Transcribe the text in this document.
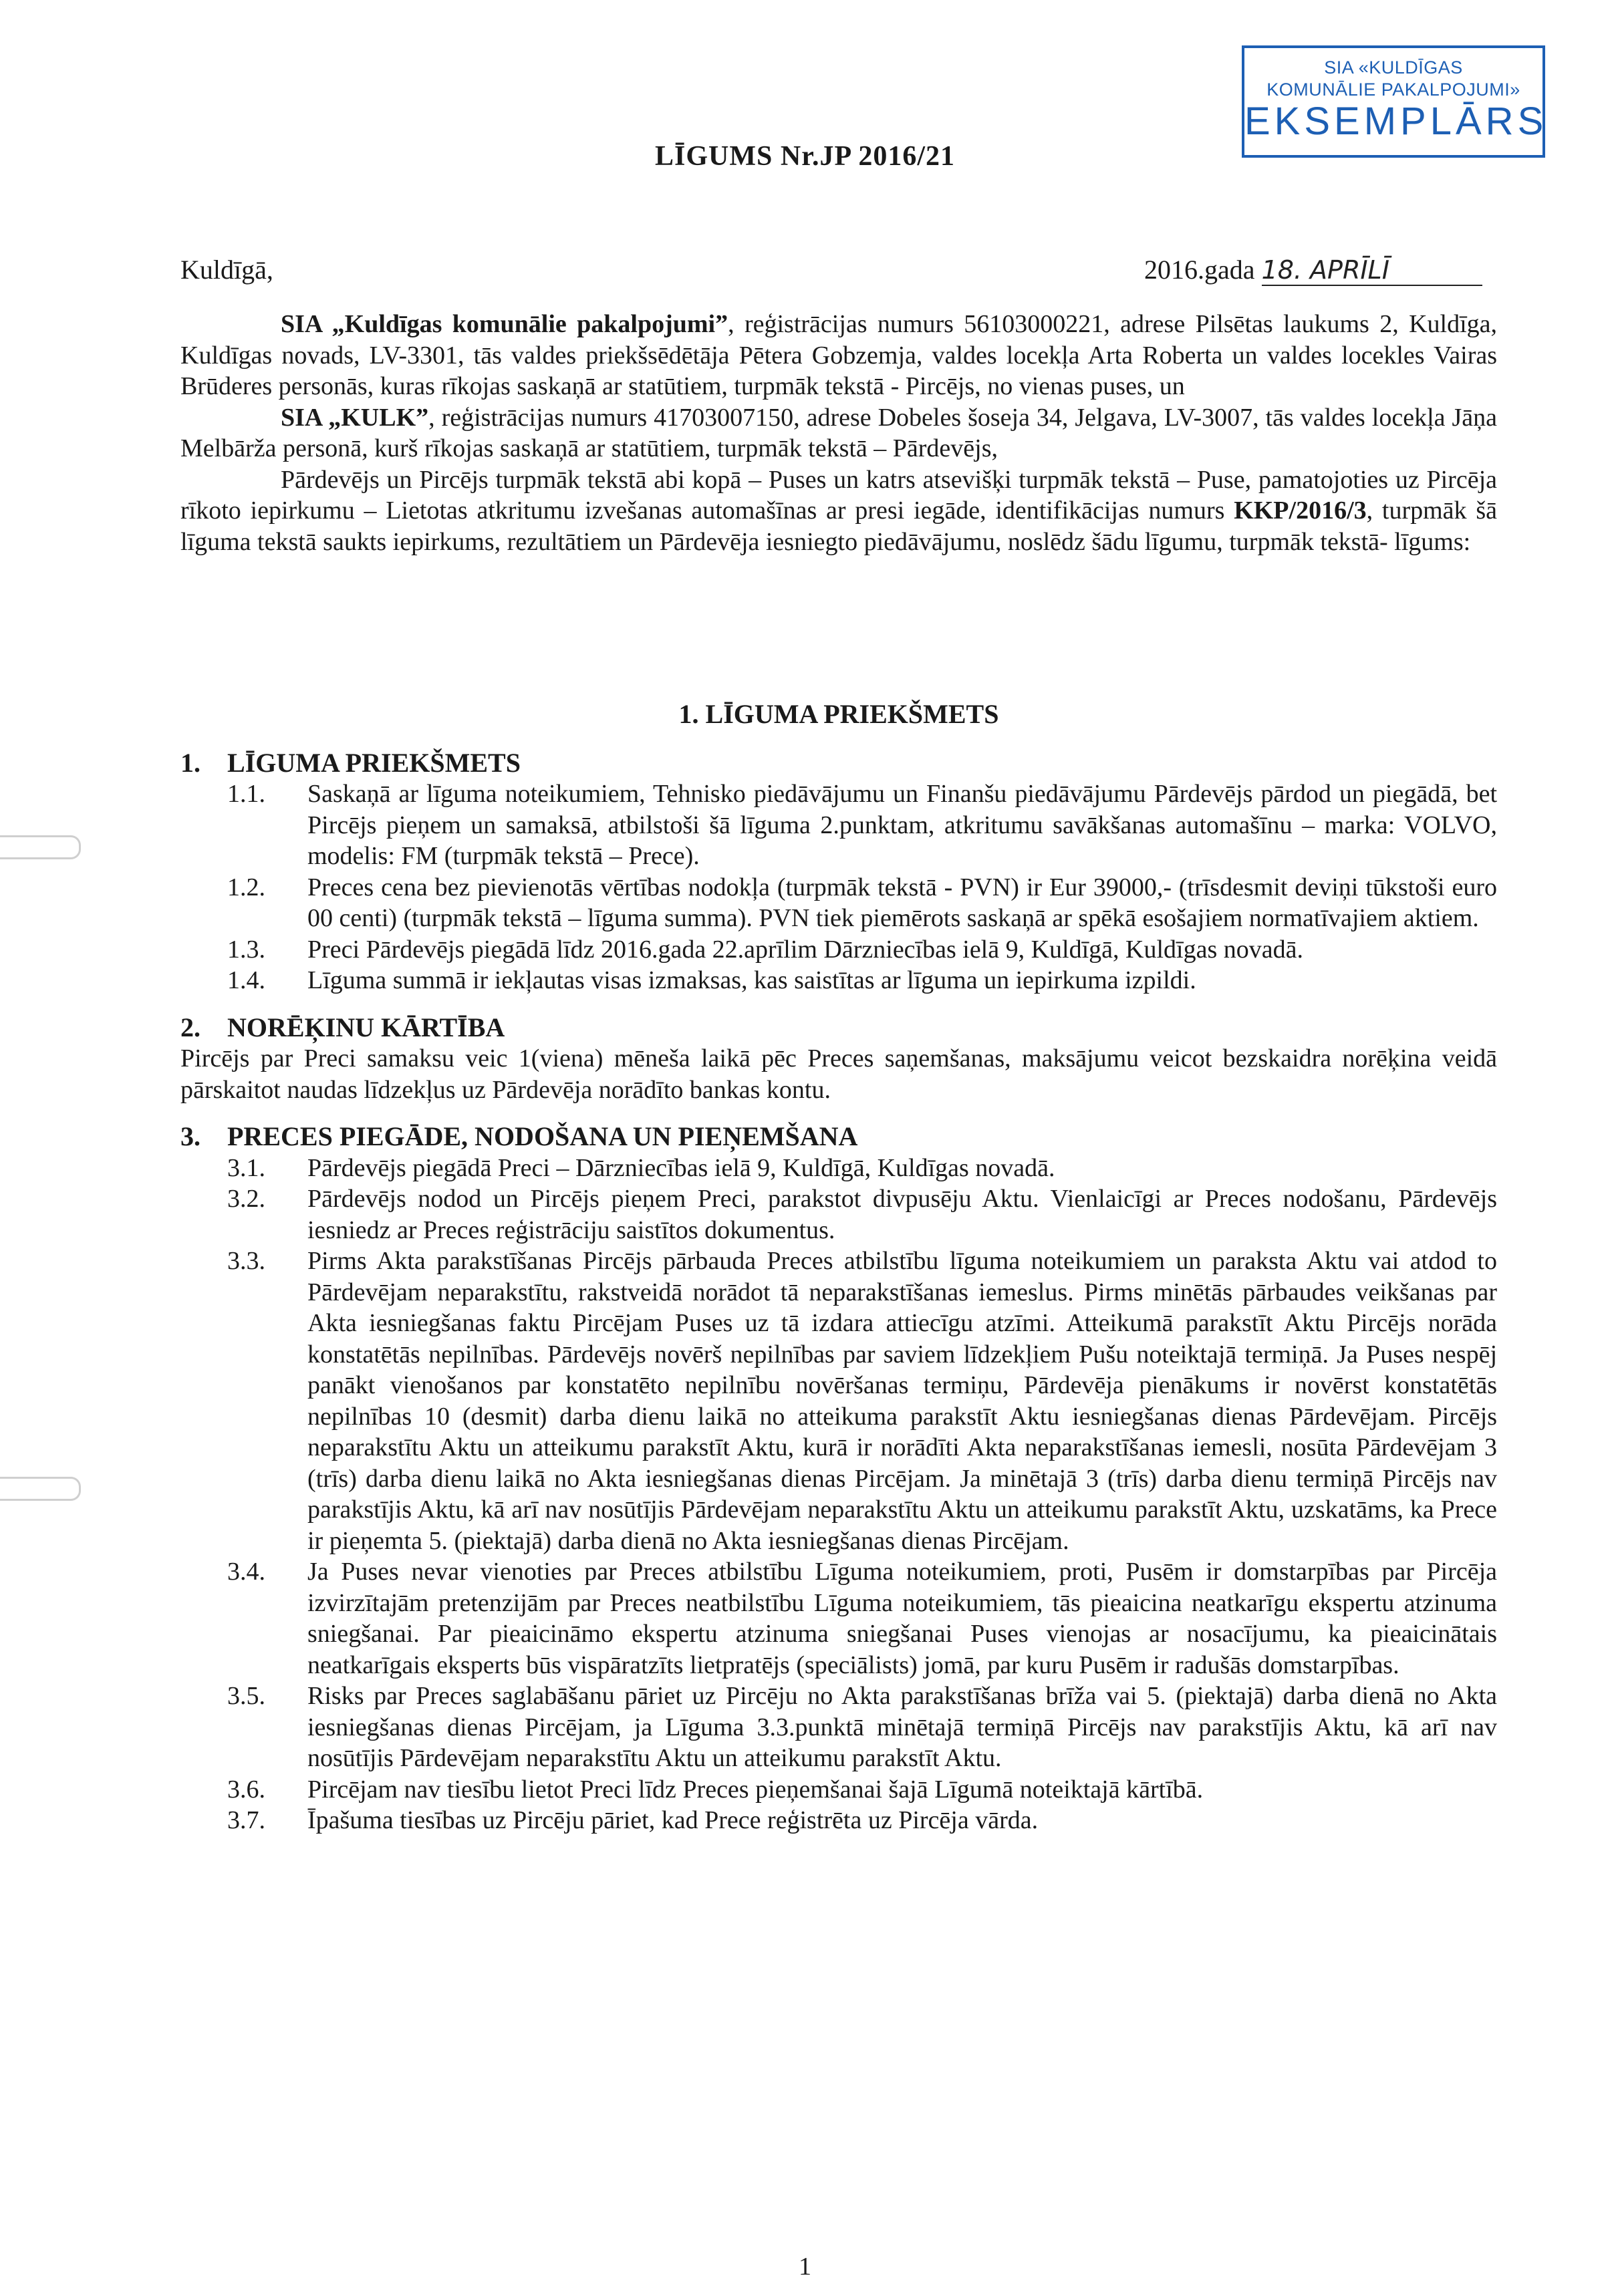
SIA «KULDĪGAS
KOMUNĀLIE PAKALPOJUMI»
EKSEMPLĀRS
LĪGUMS Nr.JP 2016/21
Kuldīgā,	2016.gada 18. APRĪLĪ

SIA „Kuldīgas komunālie pakalpojumi”, reģistrācijas numurs 56103000221, adrese Pilsētas laukums 2, Kuldīga, Kuldīgas novads, LV-3301, tās valdes priekšsēdētāja Pētera Gobzemja, valdes locekļa Arta Roberta un valdes locekles Vairas Brūderes personās, kuras rīkojas saskaņā ar statūtiem, turpmāk tekstā - Pircējs, no vienas puses, un

SIA „KULK”, reģistrācijas numurs 41703007150, adrese Dobeles šoseja 34, Jelgava, LV-3007, tās valdes locekļa Jāņa Melbārža personā, kurš rīkojas saskaņā ar statūtiem, turpmāk tekstā – Pārdevējs,

Pārdevējs un Pircējs turpmāk tekstā abi kopā – Puses un katrs atsevišķi turpmāk tekstā – Puse, pamatojoties uz Pircēja rīkoto iepirkumu – Lietotas atkritumu izvešanas automašīnas ar presi iegāde, identifikācijas numurs KKP/2016/3, turpmāk šā līguma tekstā saukts iepirkums, rezultātiem un Pārdevēja iesniegto piedāvājumu, noslēdz šādu līgumu, turpmāk tekstā- līgums:

1. LĪGUMA PRIEKŠMETS

1. LĪGUMA PRIEKŠMETS

1.1.	Saskaņā ar līguma noteikumiem, Tehnisko piedāvājumu un Finanšu piedāvājumu Pārdevējs pārdod un piegādā, bet Pircējs pieņem un samaksā, atbilstoši šā līguma 2.punktam, atkritumu savākšanas automašīnu – marka: VOLVO, modelis: FM (turpmāk tekstā – Prece).
1.2.	Preces cena bez pievienotās vērtības nodokļa (turpmāk tekstā - PVN) ir Eur 39000,- (trīsdesmit deviņi tūkstoši euro 00 centi) (turpmāk tekstā – līguma summa). PVN tiek piemērots saskaņā ar spēkā esošajiem normatīvajiem aktiem.
1.3.	Preci Pārdevējs piegādā līdz 2016.gada 22.aprīlim Dārzniecības ielā 9, Kuldīgā, Kuldīgas novadā.
1.4.	Līguma summā ir iekļautas visas izmaksas, kas saistītas ar līguma un iepirkuma izpildi.

2. NORĒĶINU KĀRTĪBA

Pircējs par Preci samaksu veic 1(viena) mēneša laikā pēc Preces saņemšanas, maksājumu veicot bezskaidra norēķina veidā pārskaitot naudas līdzekļus uz Pārdevēja norādīto bankas kontu.

3. PRECES PIEGĀDE, NODOŠANA UN PIEŅEMŠANA

3.1.	Pārdevējs piegādā Preci – Dārzniecības ielā 9, Kuldīgā, Kuldīgas novadā.
3.2.	Pārdevējs nodod un Pircējs pieņem Preci, parakstot divpusēju Aktu. Vienlaicīgi ar Preces nodošanu, Pārdevējs iesniedz ar Preces reģistrāciju saistītos dokumentus.
3.3.	Pirms Akta parakstīšanas Pircējs pārbauda Preces atbilstību līguma noteikumiem un paraksta Aktu vai atdod to Pārdevējam neparakstītu, rakstveidā norādot tā neparakstīšanas iemeslus. Pirms minētās pārbaudes veikšanas par Akta iesniegšanas faktu Pircējam Puses uz tā izdara attiecīgu atzīmi. Atteikumā parakstīt Aktu Pircējs norāda konstatētās nepilnības. Pārdevējs novērš nepilnības par saviem līdzekļiem Pušu noteiktajā termiņā. Ja Puses nespēj panākt vienošanos par konstatēto nepilnību novēršanas termiņu, Pārdevēja pienākums ir novērst konstatētās nepilnības 10 (desmit) darba dienu laikā no atteikuma parakstīt Aktu iesniegšanas dienas Pārdevējam. Pircējs neparakstītu Aktu un atteikumu parakstīt Aktu, kurā ir norādīti Akta neparakstīšanas iemesli, nosūta Pārdevējam 3 (trīs) darba dienu laikā no Akta iesniegšanas dienas Pircējam. Ja minētajā 3 (trīs) darba dienu termiņā Pircējs nav parakstījis Aktu, kā arī nav nosūtījis Pārdevējam neparakstītu Aktu un atteikumu parakstīt Aktu, uzskatāms, ka Prece ir pieņemta 5. (piektajā) darba dienā no Akta iesniegšanas dienas Pircējam.
3.4.	Ja Puses nevar vienoties par Preces atbilstību Līguma noteikumiem, proti, Pusēm ir domstarpības par Pircēja izvirzītajām pretenzijām par Preces neatbilstību Līguma noteikumiem, tās pieaicina neatkarīgu ekspertu atzinuma sniegšanai. Par pieaicināmo ekspertu atzinuma sniegšanai Puses vienojas ar nosacījumu, ka pieaicinātais neatkarīgais eksperts būs vispāratzīts lietpratējs (speciālists) jomā, par kuru Pusēm ir radušās domstarpības.
3.5.	Risks par Preces saglabāšanu pāriet uz Pircēju no Akta parakstīšanas brīža vai 5. (piektajā) darba dienā no Akta iesniegšanas dienas Pircējam, ja Līguma 3.3.punktā minētajā termiņā Pircējs nav parakstījis Aktu, kā arī nav nosūtījis Pārdevējam neparakstītu Aktu un atteikumu parakstīt Aktu.
3.6.	Pircējam nav tiesību lietot Preci līdz Preces pieņemšanai šajā Līgumā noteiktajā kārtībā.
3.7.	Īpašuma tiesības uz Pircēju pāriet, kad Prece reģistrēta uz Pircēja vārda.
1
